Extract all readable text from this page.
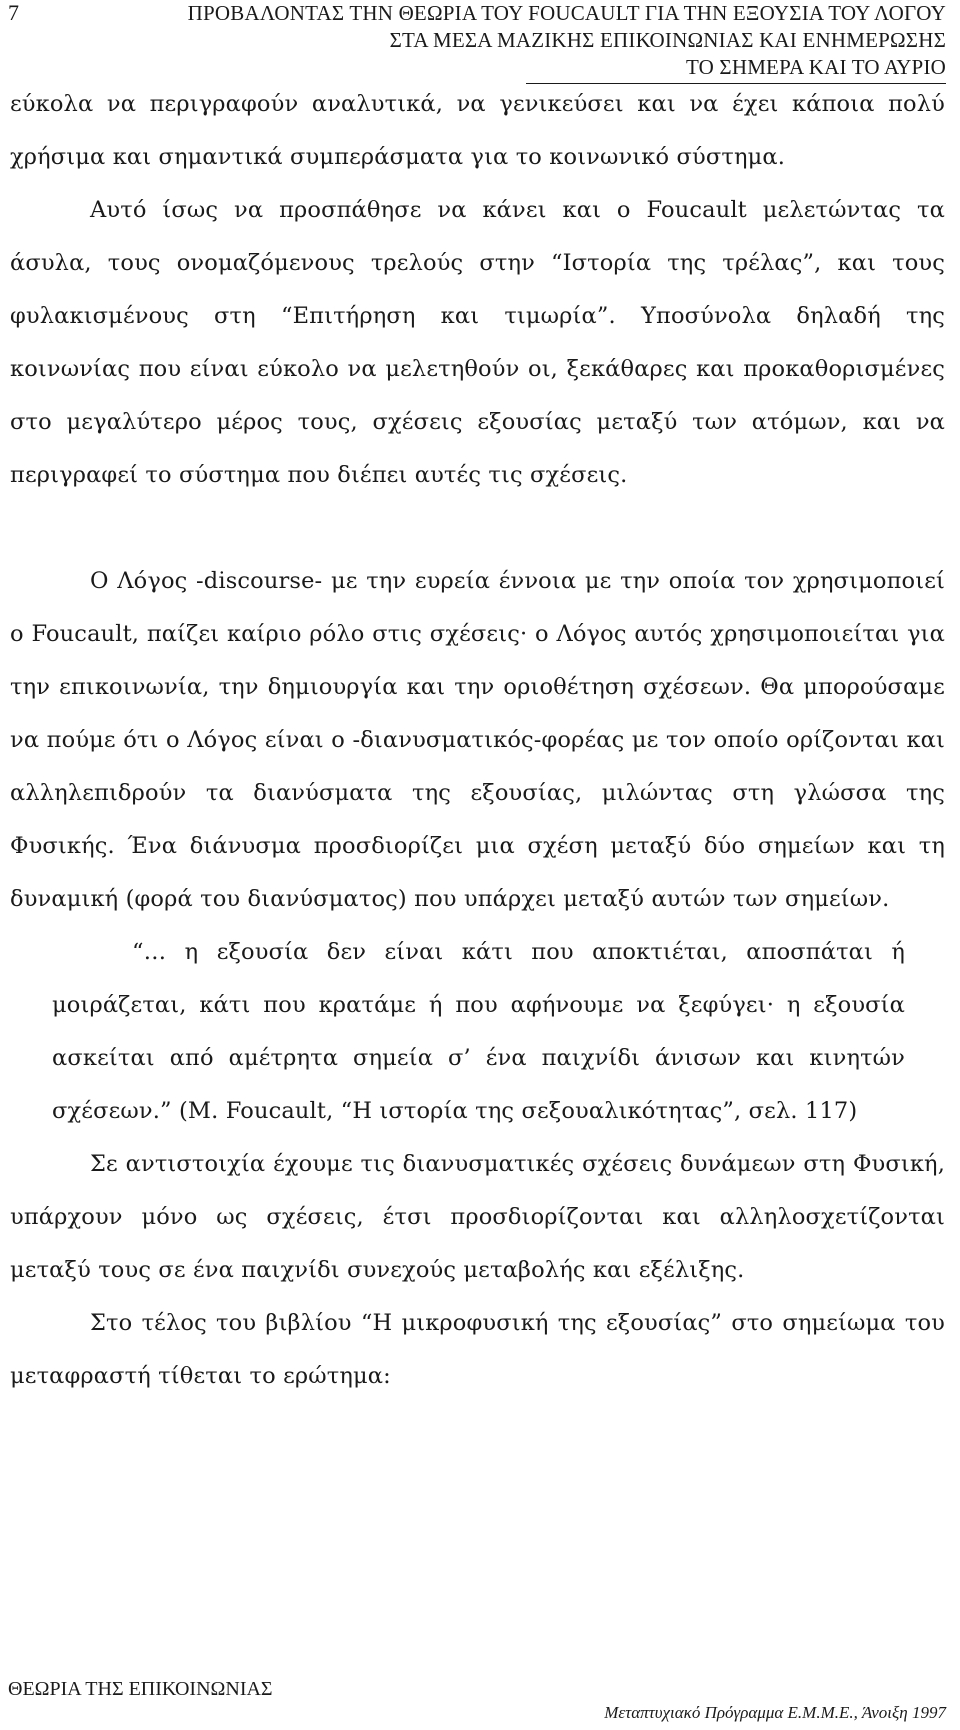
7	ΠΡΟΒΑΛΟΝΤΑΣ ΤΗΝ ΘΕΩΡΙΑ ΤΟΥ FOUCAULT ΓΙΑ ΤΗΝ ΕΞΟΥΣΙΑ ΤΟΥ ΛΟΓΟΥ
ΣΤΑ ΜΕΣΑ ΜΑΖΙΚΗΣ ΕΠΙΚΟΙΝΩΝΙΑΣ ΚΑΙ ΕΝΗΜΕΡΩΣΗΣ
ΤΟ ΣΗΜΕΡΑ ΚΑΙ ΤΟ ΑΥΡΙΟ

εύκολα να περιγραφούν αναλυτικά, να γενικεύσει και να έχει κάποια πολύ χρήσιμα και σημαντικά συμπεράσματα για το κοινωνικό σύστημα.

Αυτό ίσως να προσπάθησε να κάνει και ο Foucault μελετώντας τα άσυλα, τους ονομαζόμενους τρελούς στην “Ιστορία της τρέλας”, και τους φυλακισμένους στη “Επιτήρηση και τιμωρία”. Υποσύνολα δηλαδή της κοινωνίας που είναι εύκολο να μελετηθούν οι, ξεκάθαρες και προκαθορισμένες στο μεγαλύτερο μέρος τους, σχέσεις εξουσίας μεταξύ των ατόμων, και να περιγραφεί το σύστημα που διέπει αυτές τις σχέσεις.

Ο Λόγος -discourse- με την ευρεία έννοια με την οποία τον χρησιμοποιεί ο Foucault, παίζει καίριο ρόλο στις σχέσεις· ο Λόγος αυτός χρησιμοποιείται για την επικοινωνία, την δημιουργία και την οριοθέτηση σχέσεων. Θα μπορούσαμε να πούμε ότι ο Λόγος είναι ο -διανυσματικός-φορέας με τον οποίο ορίζονται και αλληλεπιδρούν τα διανύσματα της εξουσίας, μιλώντας στη γλώσσα της Φυσικής. Ένα διάνυσμα προσδιορίζει μια σχέση μεταξύ δύο σημείων και τη δυναμική (φορά του διανύσματος) που υπάρχει μεταξύ αυτών των σημείων.

“… η εξουσία δεν είναι κάτι που αποκτιέται, αποσπάται ή μοιράζεται, κάτι που κρατάμε ή που αφήνουμε να ξεφύγει· η εξουσία ασκείται από αμέτρητα σημεία σ’ ένα παιχνίδι άνισων και κινητών σχέσεων.” (Μ. Foucault, “Η ιστορία της σεξουαλικότητας”, σελ. 117)

Σε αντιστοιχία έχουμε τις διανυσματικές σχέσεις δυνάμεων στη Φυσική, υπάρχουν μόνο ως σχέσεις, έτσι προσδιορίζονται και αλληλοσχετίζονται μεταξύ τους σε ένα παιχνίδι συνεχούς μεταβολής και εξέλιξης.

Στο τέλος του βιβλίου “Η μικροφυσική της εξουσίας” στο σημείωμα του μεταφραστή τίθεται το ερώτημα:

ΘΕΩΡΙΑ ΤΗΣ ΕΠΙΚΟΙΝΩΝΙΑΣ
Μεταπτυχιακό Πρόγραμμα Ε.Μ.Μ.Ε., Άνοιξη 1997
